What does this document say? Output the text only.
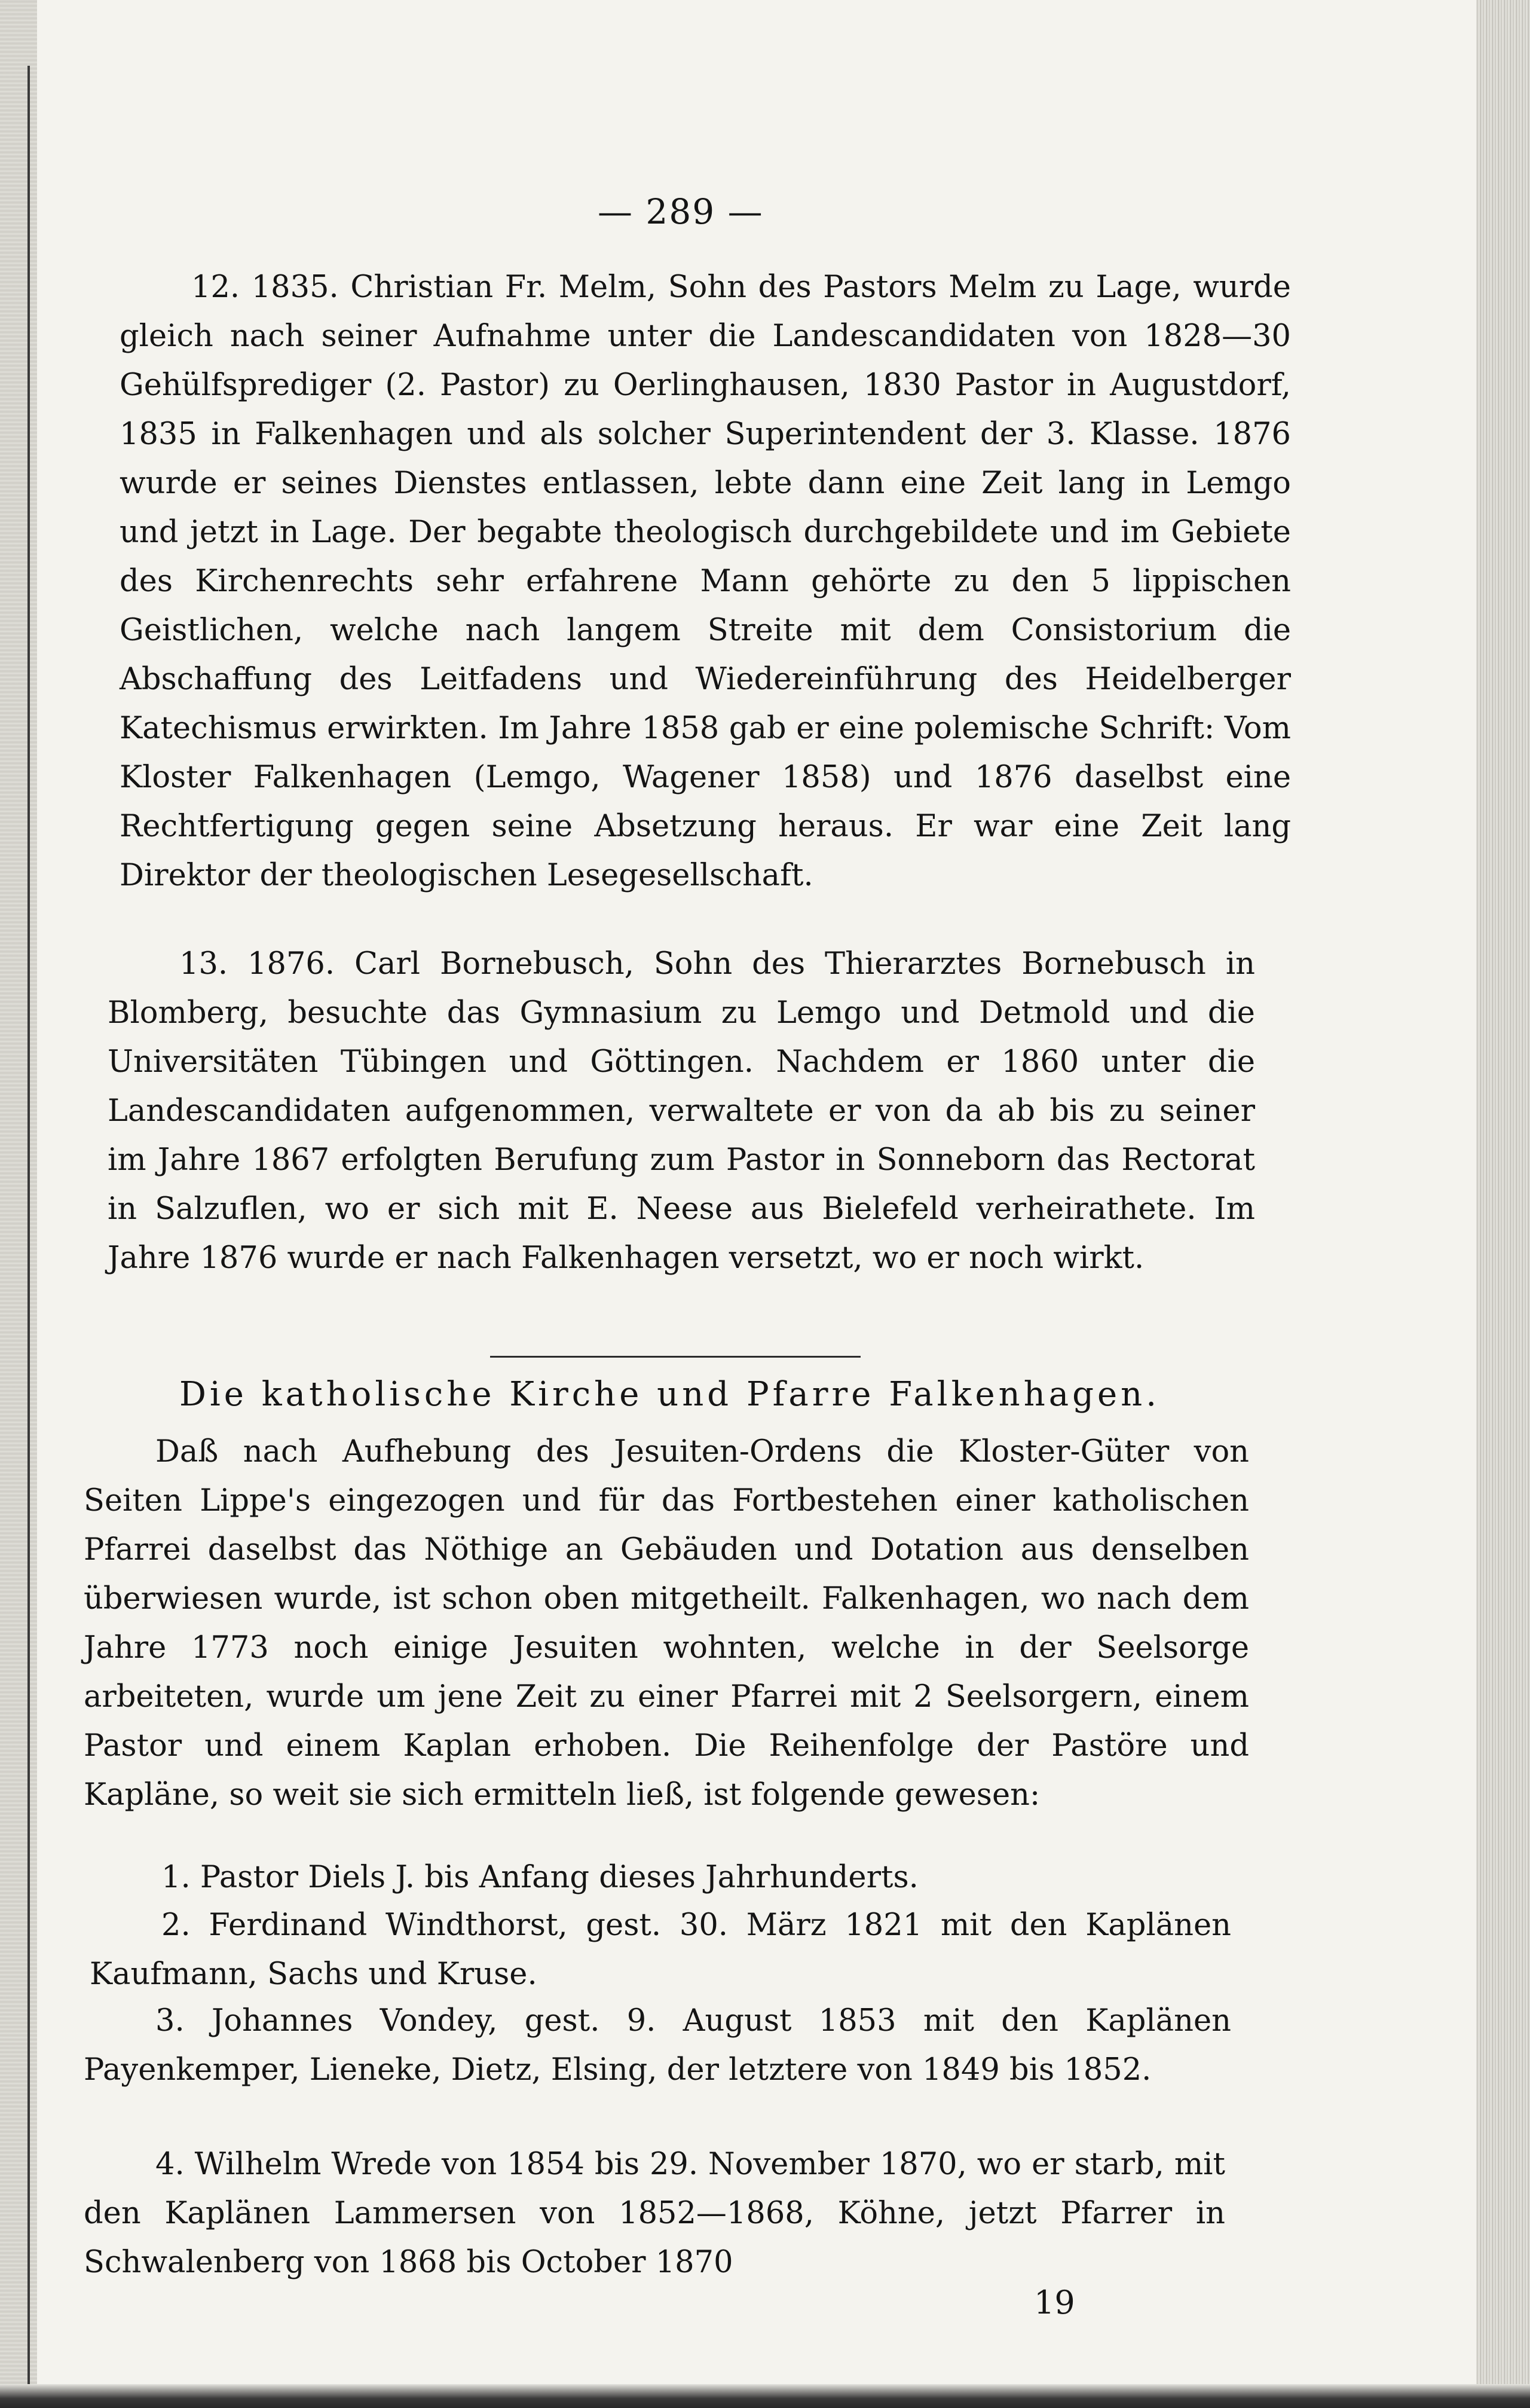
— 289 —

12. 1835. Christian Fr. Melm, Sohn des Pastors Melm zu Lage, wurde gleich nach seiner Aufnahme unter die Landescandidaten von 1828—30 Gehülfsprediger (2. Pastor) zu Oerlinghausen, 1830 Pastor in Augustdorf, 1835 in Falkenhagen und als solcher Superintendent der 3. Klasse. 1876 wurde er seines Dienstes entlassen, lebte dann eine Zeit lang in Lemgo und jetzt in Lage. Der begabte theologisch durchgebildete und im Gebiete des Kirchenrechts sehr erfahrene Mann gehörte zu den 5 lippischen Geistlichen, welche nach langem Streite mit dem Consistorium die Abschaffung des Leitfadens und Wiedereinführung des Heidelberger Katechismus erwirkten. Im Jahre 1858 gab er eine polemische Schrift: Vom Kloster Falkenhagen (Lemgo, Wagener 1858) und 1876 daselbst eine Rechtfertigung gegen seine Absetzung heraus. Er war eine Zeit lang Direktor der theologischen Lesegesellschaft.

13. 1876. Carl Bornebusch, Sohn des Thierarztes Bornebusch in Blomberg, besuchte das Gymnasium zu Lemgo und Detmold und die Universitäten Tübingen und Göttingen. Nachdem er 1860 unter die Landescandidaten aufgenommen, verwaltete er von da ab bis zu seiner im Jahre 1867 erfolgten Berufung zum Pastor in Sonneborn das Rectorat in Salzuflen, wo er sich mit E. Neese aus Bielefeld verheirathete. Im Jahre 1876 wurde er nach Falkenhagen versetzt, wo er noch wirkt.

Die katholische Kirche und Pfarre Falkenhagen.

Daß nach Aufhebung des Jesuiten-Ordens die Kloster-Güter von Seiten Lippe's eingezogen und für das Fortbestehen einer katholischen Pfarrei daselbst das Nöthige an Gebäuden und Dotation aus denselben überwiesen wurde, ist schon oben mitgetheilt. Falkenhagen, wo nach dem Jahre 1773 noch einige Jesuiten wohnten, welche in der Seelsorge arbeiteten, wurde um jene Zeit zu einer Pfarrei mit 2 Seelsorgern, einem Pastor und einem Kaplan erhoben. Die Reihenfolge der Pastöre und Kapläne, so weit sie sich ermitteln ließ, ist folgende gewesen:

1. Pastor Diels J. bis Anfang dieses Jahrhunderts.

2. Ferdinand Windthorst, gest. 30. März 1821 mit den Kaplänen Kaufmann, Sachs und Kruse.

3. Johannes Vondey, gest. 9. August 1853 mit den Kaplänen Payenkemper, Lieneke, Dietz, Elsing, der letztere von 1849 bis 1852.

4. Wilhelm Wrede von 1854 bis 29. November 1870, wo er starb, mit den Kaplänen Lammersen von 1852—1868, Köhne, jetzt Pfarrer in Schwalenberg von 1868 bis October 1870

19
